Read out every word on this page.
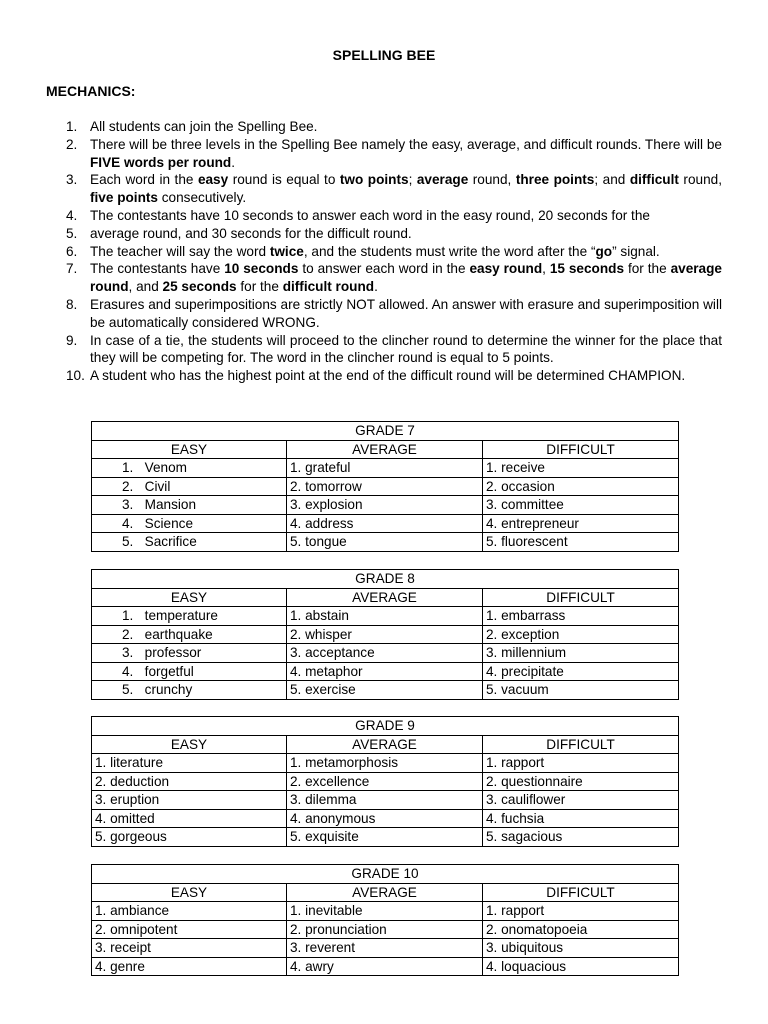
SPELLING BEE
MECHANICS:
1. All students can join the Spelling Bee.
2. There will be three levels in the Spelling Bee namely the easy, average, and difficult rounds. There will be FIVE words per round.
3. Each word in the easy round is equal to two points; average round, three points; and difficult round, five points consecutively.
4. The contestants have 10 seconds to answer each word in the easy round, 20 seconds for the
5. average round, and 30 seconds for the difficult round.
6. The teacher will say the word twice, and the students must write the word after the “go” signal.
7. The contestants have 10 seconds to answer each word in the easy round, 15 seconds for the average round, and 25 seconds for the difficult round.
8. Erasures and superimpositions are strictly NOT allowed. An answer with erasure and superimposition will be automatically considered WRONG.
9. In case of a tie, the students will proceed to the clincher round to determine the winner for the place that they will be competing for. The word in the clincher round is equal to 5 points.
10. A student who has the highest point at the end of the difficult round will be determined CHAMPION.
GRADE 7		
EASY	AVERAGE	DIFFICULT
1.   Venom	1. grateful	1. receive
2.   Civil	2. tomorrow	2. occasion
3.   Mansion	3. explosion	3. committee
4.   Science	4. address	4. entrepreneur
5.   Sacrifice	5. tongue	5. fluorescent
GRADE 8		
EASY	AVERAGE	DIFFICULT
1.   temperature	1. abstain	1. embarrass
2.   earthquake	2. whisper	2. exception
3.   professor	3. acceptance	3. millennium
4.   forgetful	4. metaphor	4. precipitate
5.   crunchy	5. exercise	5. vacuum
GRADE 9		
EASY	AVERAGE	DIFFICULT
1. literature	1. metamorphosis	1. rapport
2. deduction	2. excellence	2. questionnaire
3. eruption	3. dilemma	3. cauliflower
4. omitted	4. anonymous	4. fuchsia
5. gorgeous	5. exquisite	5. sagacious
GRADE 10		
EASY	AVERAGE	DIFFICULT
1. ambiance	1. inevitable	1. rapport
2. omnipotent	2. pronunciation	2. onomatopoeia
3. receipt	3. reverent	3. ubiquitous
4. genre	4. awry	4. loquacious
